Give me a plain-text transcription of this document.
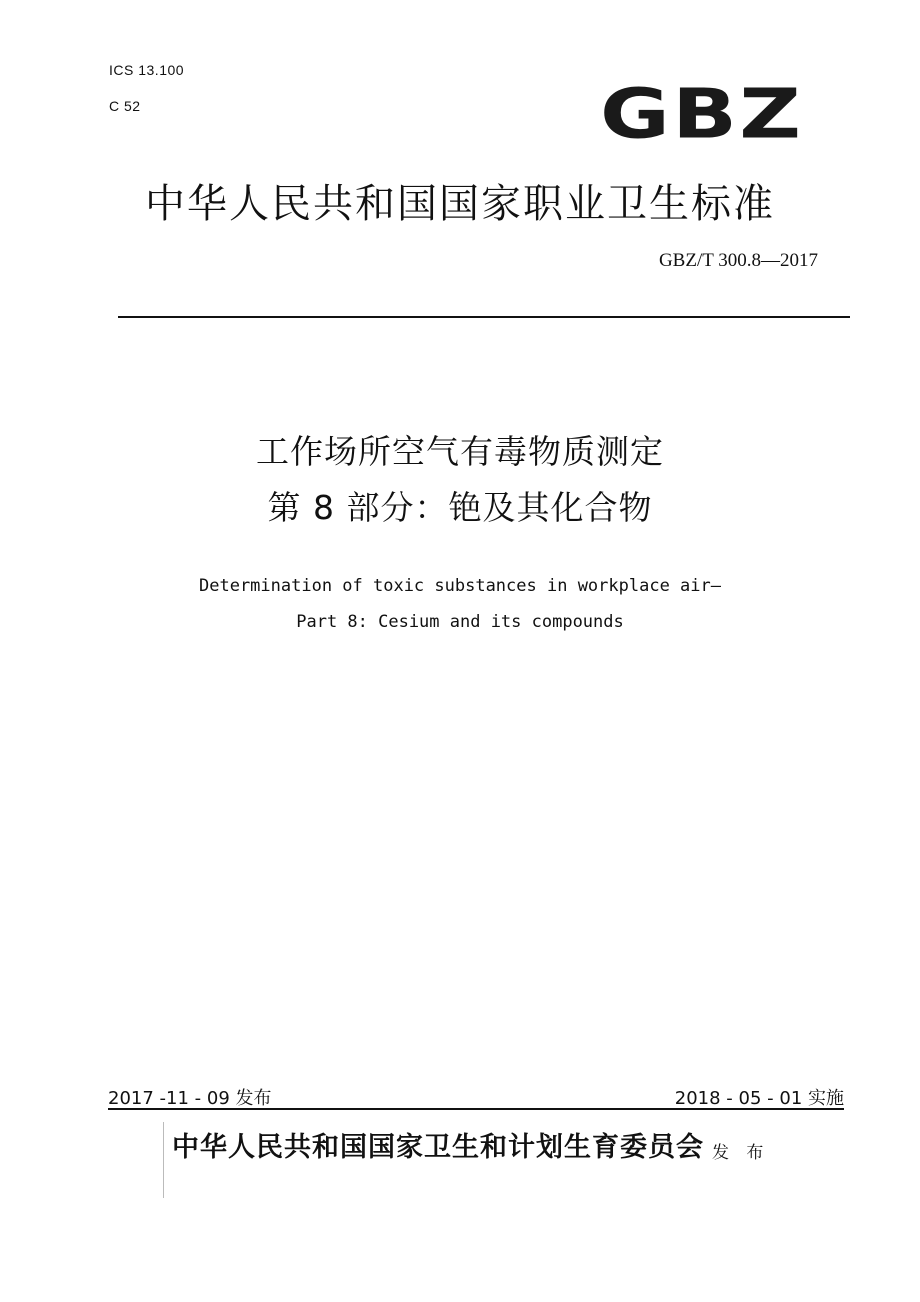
ICS 13.100
C 52	GBZ
中华人民共和国国家职业卫生标准
GBZ/T 300.8—2017
工作场所空气有毒物质测定
第 8 部分：铯及其化合物
Determination of toxic substances in workplace air—
Part 8: Cesium and its compounds
2017 -11 - 09 发布	2018 - 05 - 01 实施
中华人民共和国国家卫生和计划生育委员会 发 布
